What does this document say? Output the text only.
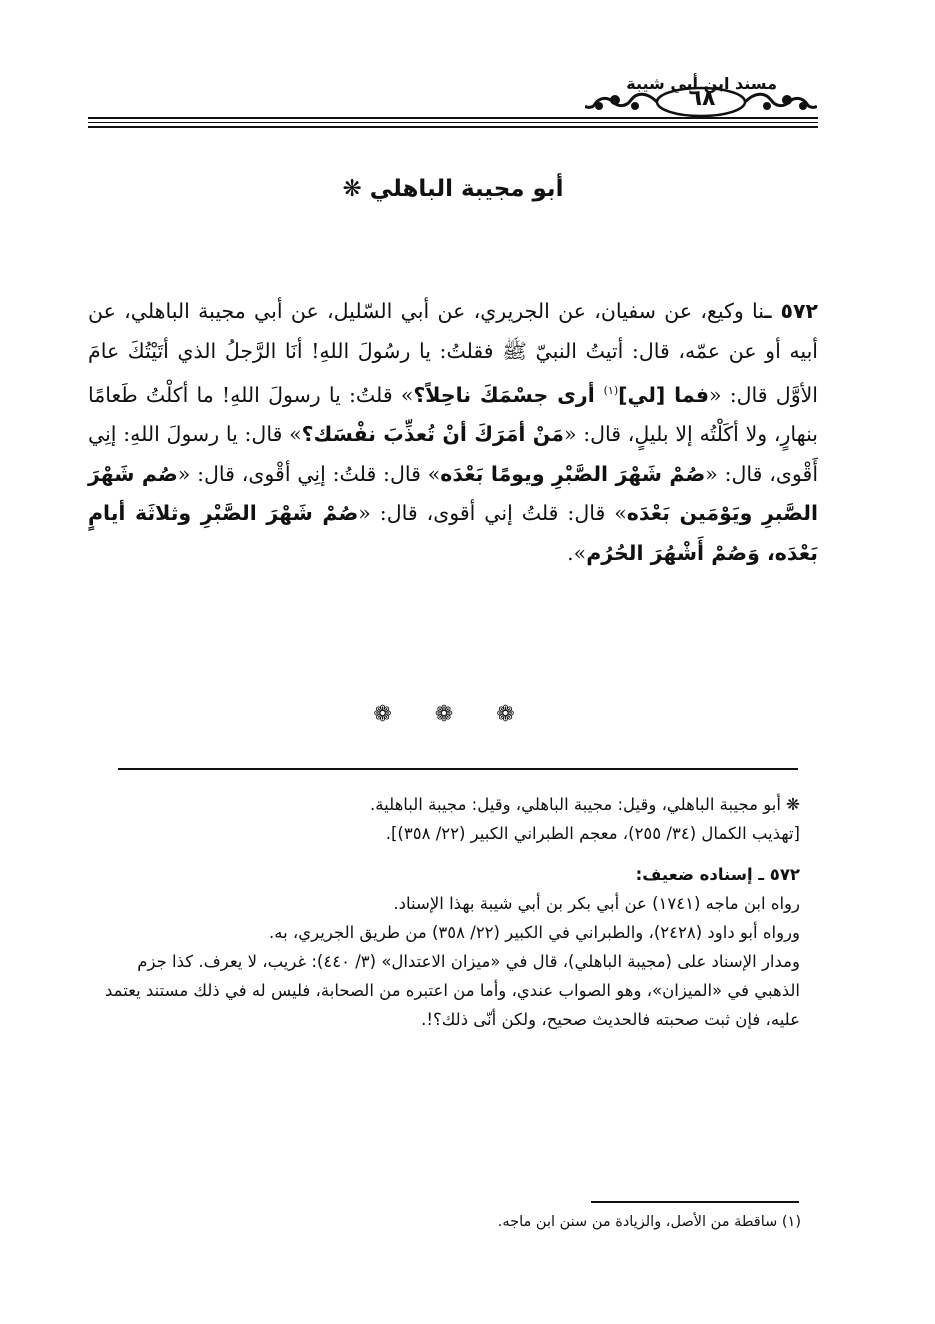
مسند ابن أبي شيبة
٦٨
أبو مجيبة الباهلي ❋
٥٧٢ ـنا وكيع، عن سفيان، عن الجريري، عن أبي السّليل، عن أبي مجيبة الباهلي، عن أبيه أو عن عمّه، قال: أتيتُ النبيّ ﷺ فقلتُ: يا رسُولَ اللهِ! أنَا الرَّجلُ الذي أتَيْتُكَ عامَ الأوَّل قال: «فما [لي]$^{(١)}$ أرى جسْمَكَ ناحِلاً؟» قلتُ: يا رسولَ اللهِ! ما أكلْتُ طَعامًا بنهارٍ، ولا أكَلْتُه إلا بليلٍ، قال: «مَنْ أمَرَكَ أنْ تُعذِّبَ نفْسَك؟» قال: يا رسولَ اللهِ: إنِي أَقْوى، قال: «صُمْ شَهْرَ الصَّبْرِ ويومًا بَعْدَه» قال: قلتُ: إنِي أقْوى، قال: «صُم شَهْرَ الصَّبرِ ويَوْمَين بَعْدَه» قال: قلتُ إني أقوى، قال: «صُمْ شَهْرَ الصَّبْرِ وثلاثَة أيامٍ بَعْدَه، وَصُمْ أَشْهُرَ الحُرُم».
❁ ❁ ❁

❋ أبو مجيبة الباهلي، وقيل: مجيبة الباهلي، وقيل: مجيبة الباهلية.

[تهذيب الكمال (٣٤/ ٢٥٥)، معجم الطبراني الكبير (٢٢/ ٣٥٨)].

٥٧٢ ـ إسناده ضعيف:

رواه ابن ماجه (١٧٤١) عن أبي بكر بن أبي شيبة بهذا الإسناد.

ورواه أبو داود (٢٤٢٨)، والطبراني في الكبير (٢٢/ ٣٥٨) من طريق الجريري، به.

ومدار الإسناد على (مجيبة الباهلي)، قال في «ميزان الاعتدال» (٣/ ٤٤٠): غريب، لا يعرف. كذا جزم الذهبي في «الميزان»، وهو الصواب عندي، وأما من اعتبره من الصحابة، فليس له في ذلك مستند يعتمد عليه، فإن ثبت صحبته فالحديث صحيح، ولكن أنّى ذلك؟!.

(١) ساقطة من الأصل، والزيادة من سنن ابن ماجه.
